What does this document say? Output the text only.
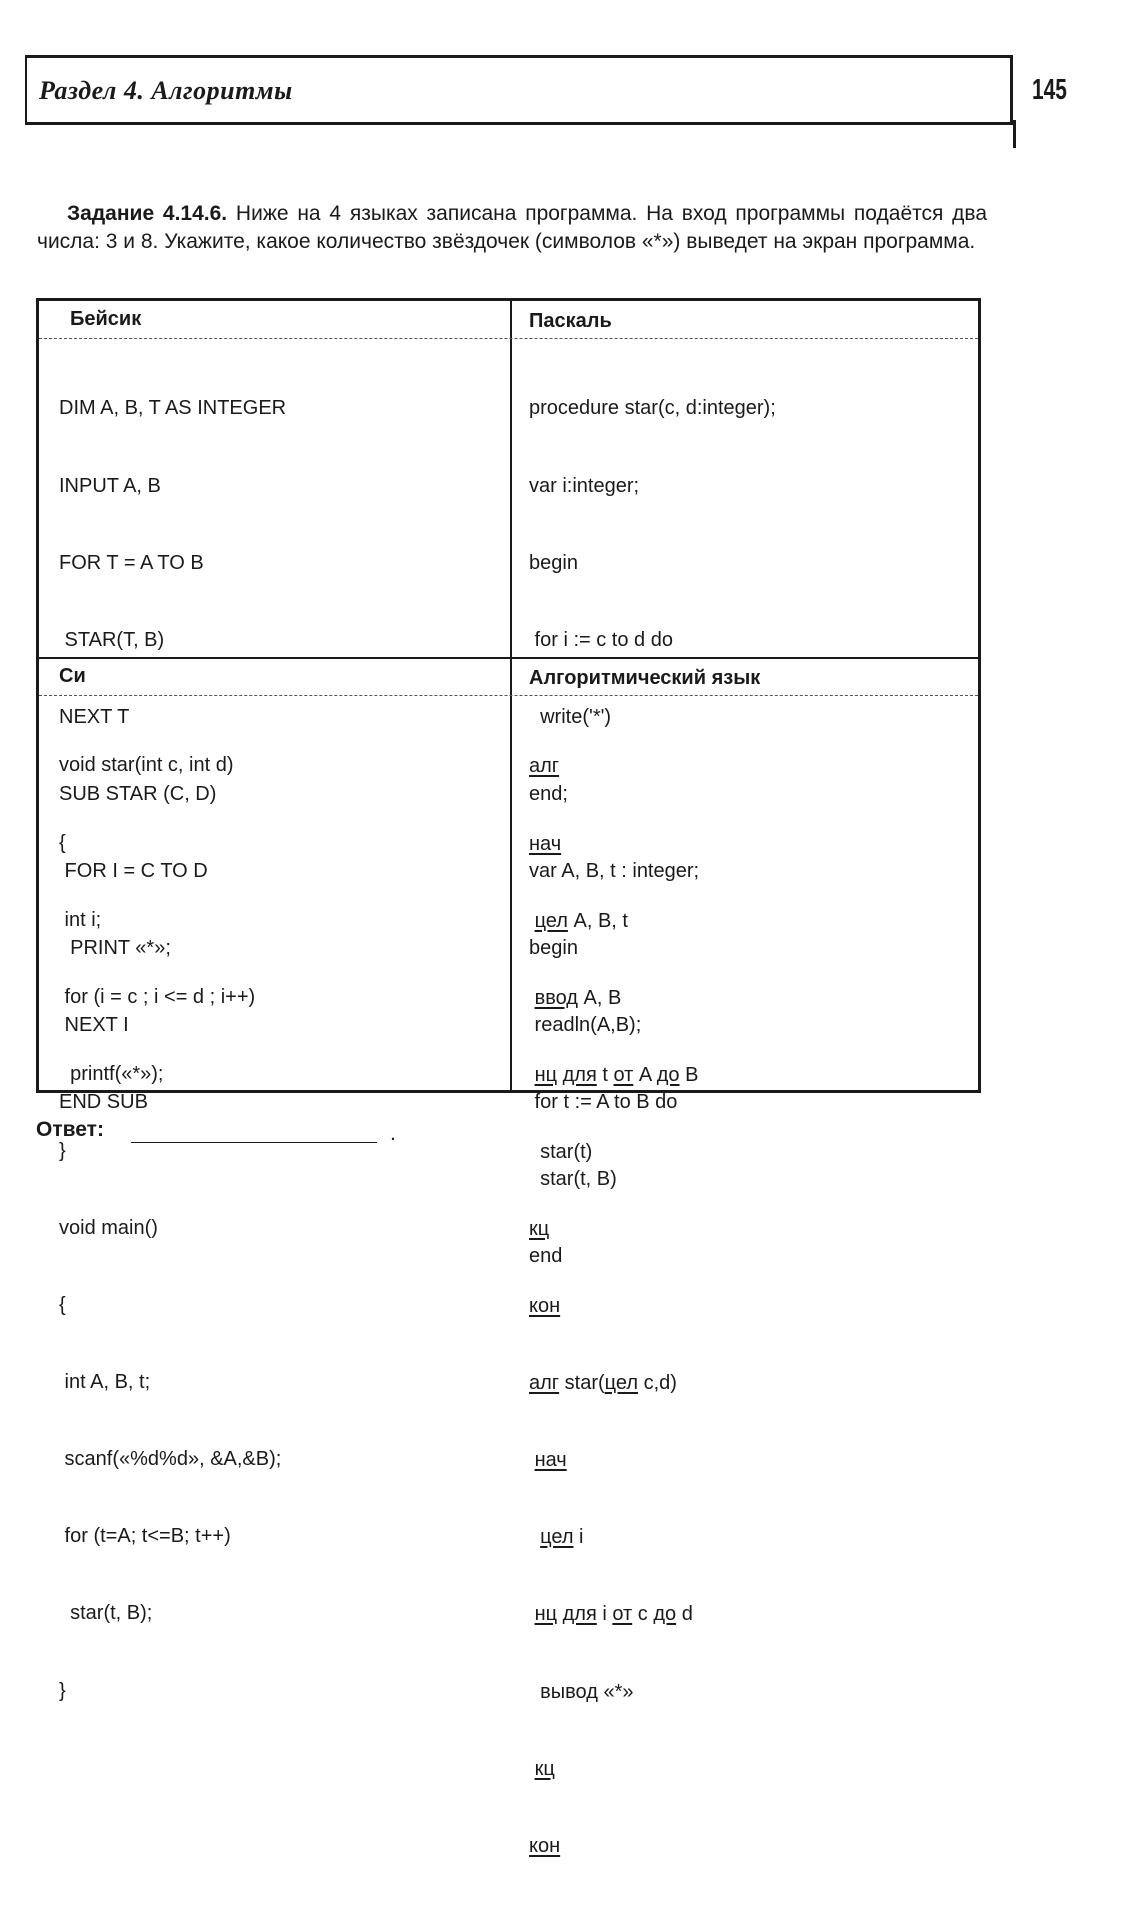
Раздел 4. Алгоритмы	145
Задание 4.14.6. Ниже на 4 языках записана программа. На вход программы подаётся два числа: 3 и 8. Укажите, какое количество звёздочек (символов «*») выведет на экран программа.
Бейсик	Паскаль
Си	Алгоритмический язык

DIM A, B, T AS INTEGER

INPUT A, B

FOR T = A TO B

STAR(T, B)

NEXT T

SUB STAR (C, D)

FOR I = C TO D

PRINT «*»;

NEXT I

END SUB

procedure star(c, d:integer);

var i:integer;

begin

for i := c to d do

write('*')

end;

var A, B, t : integer;

begin

readln(A,B);

for t := A to B do

star(t, B)

end

void star(int c, int d)

{

int i;

for (i = c ; i <= d ; i++)

printf(«*»);

}

void main()

{

int A, B, t;

scanf(«%d%d», &A,&B);

for (t=A; t<=B; t++)

star(t, B);

}

алг

нач

цел A, B, t

ввод A, B

нц для t от A до B

star(t)

кц

кон

алг star(цел c,d)

нач

цел i

нц для i от c до d

вывод «*»

кц

кон

Ответ:	.
